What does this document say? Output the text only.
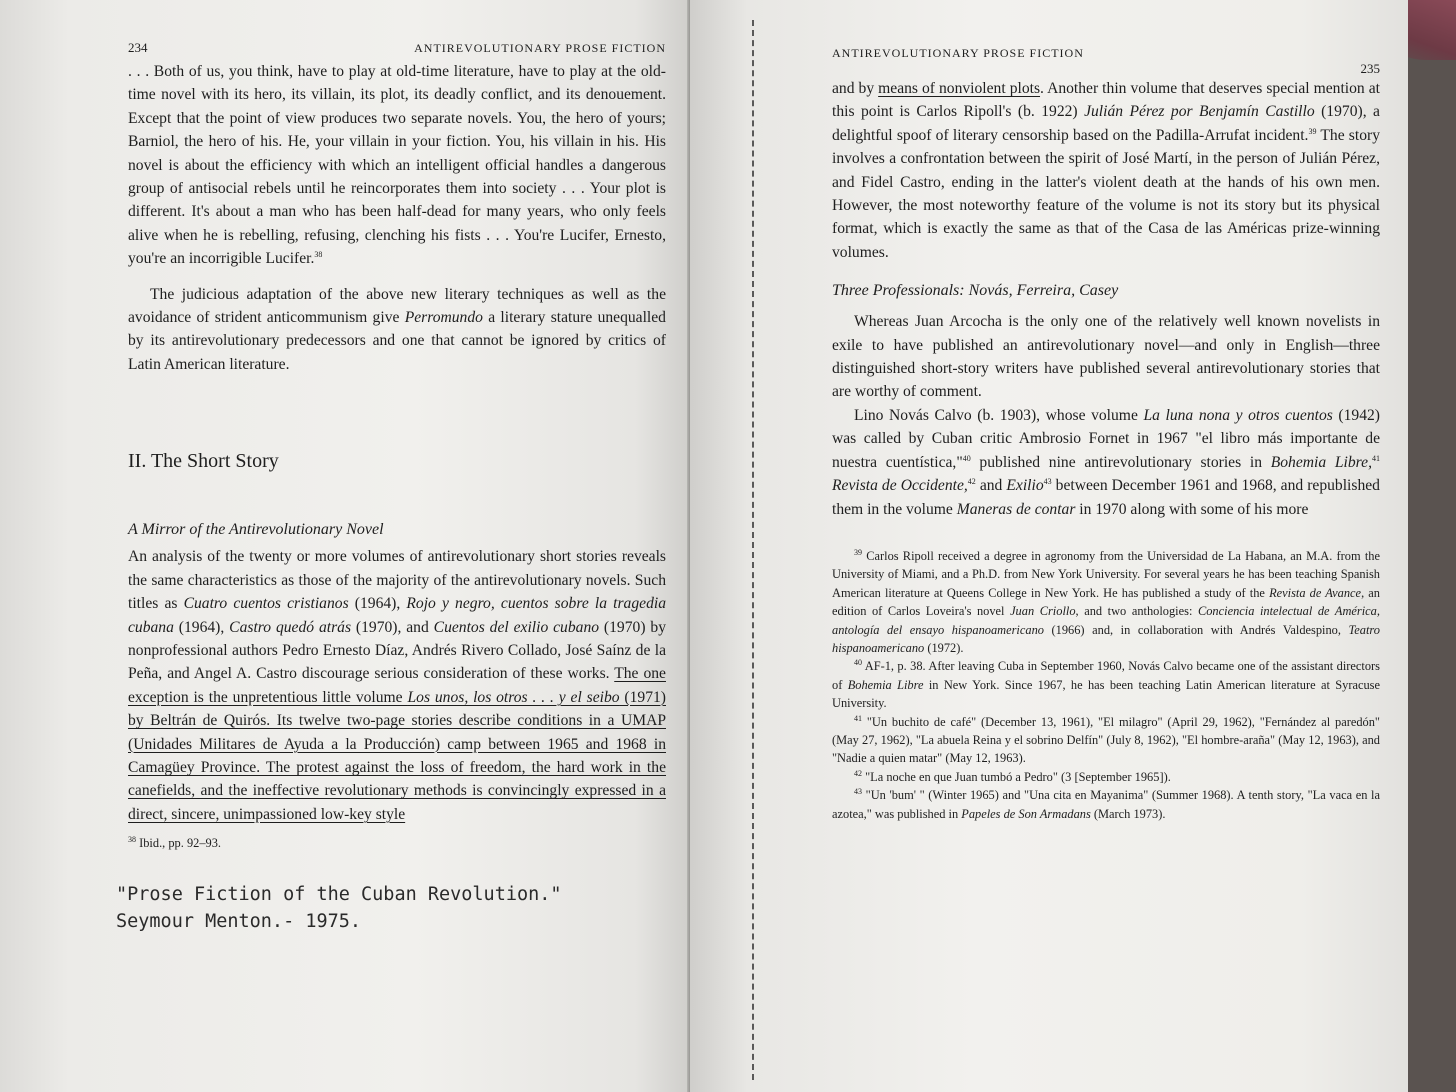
234	ANTIREVOLUTIONARY PROSE FICTION

. . . Both of us, you think, have to play at old-time literature, have to play at the old-time novel with its hero, its villain, its plot, its deadly conflict, and its denouement. Except that the point of view produces two separate novels. You, the hero of yours; Barniol, the hero of his. He, your villain in your fiction. You, his villain in his. His novel is about the efficiency with which an intelligent official handles a dangerous group of antisocial rebels until he reincorporates them into society . . . Your plot is different. It's about a man who has been half-dead for many years, who only feels alive when he is rebelling, refusing, clenching his fists . . . You're Lucifer, Ernesto, you're an incorrigible Lucifer.$^{38}$

The judicious adaptation of the above new literary techniques as well as the avoidance of strident anticommunism give Perromundo a literary stature unequalled by its antirevolutionary predecessors and one that cannot be ignored by critics of Latin American literature.

II. The Short Story
A Mirror of the Antirevolutionary Novel

An analysis of the twenty or more volumes of antirevolutionary short stories reveals the same characteristics as those of the majority of the antirevolutionary novels. Such titles as Cuatro cuentos cristianos (1964), Rojo y negro, cuentos sobre la tragedia cubana (1964), Castro quedó atrás (1970), and Cuentos del exilio cubano (1970) by nonprofessional authors Pedro Ernesto Díaz, Andrés Rivero Collado, José Saínz de la Peña, and Angel A. Castro discourage serious consideration of these works. The one exception is the unpretentious little volume Los unos, los otros . . . y el seibo (1971) by Beltrán de Quirós. Its twelve two-page stories describe conditions in a UMAP (Unidades Militares de Ayuda a la Producción) camp between 1965 and 1968 in Camagüey Province. The protest against the loss of freedom, the hard work in the canefields, and the ineffective revolutionary methods is convincingly expressed in a direct, sincere, unimpassioned low-key style

$^{38}$ Ibid., pp. 92–93.

"Prose Fiction of the Cuban Revolution."
Seymour Menton.- 1975.
ANTIREVOLUTIONARY PROSE FICTION
235

and by means of nonviolent plots. Another thin volume that deserves special mention at this point is Carlos Ripoll's (b. 1922) Julián Pérez por Benjamín Castillo (1970), a delightful spoof of literary censorship based on the Padilla-Arrufat incident.$^{39}$ The story involves a confrontation between the spirit of José Martí, in the person of Julián Pérez, and Fidel Castro, ending in the latter's violent death at the hands of his own men. However, the most noteworthy feature of the volume is not its story but its physical format, which is exactly the same as that of the Casa de las Américas prize-winning volumes.

Three Professionals: Novás, Ferreira, Casey

Whereas Juan Arcocha is the only one of the relatively well known novelists in exile to have published an antirevolutionary novel—and only in English—three distinguished short-story writers have published several antirevolutionary stories that are worthy of comment.

Lino Novás Calvo (b. 1903), whose volume La luna nona y otros cuentos (1942) was called by Cuban critic Ambrosio Fornet in 1967 "el libro más importante de nuestra cuentística,"$^{40}$ published nine antirevolutionary stories in Bohemia Libre,$^{41}$ Revista de Occidente,$^{42}$ and Exilio$^{43}$ between December 1961 and 1968, and republished them in the volume Maneras de contar in 1970 along with some of his more

$^{39}$ Carlos Ripoll received a degree in agronomy from the Universidad de La Habana, an M.A. from the University of Miami, and a Ph.D. from New York University. For several years he has been teaching Spanish American literature at Queens College in New York. He has published a study of the Revista de Avance, an edition of Carlos Loveira's novel Juan Criollo, and two anthologies: Conciencia intelectual de América, antología del ensayo hispanoamericano (1966) and, in collaboration with Andrés Valdespino, Teatro hispanoamericano (1972).

$^{40}$ AF-1, p. 38. After leaving Cuba in September 1960, Novás Calvo became one of the assistant directors of Bohemia Libre in New York. Since 1967, he has been teaching Latin American literature at Syracuse University.

$^{41}$ "Un buchito de café" (December 13, 1961), "El milagro" (April 29, 1962), "Fernández al paredón" (May 27, 1962), "La abuela Reina y el sobrino Delfín" (July 8, 1962), "El hombre-araña" (May 12, 1963), and "Nadie a quien matar" (May 12, 1963).

$^{42}$ "La noche en que Juan tumbó a Pedro" (3 [September 1965]).

$^{43}$ "Un 'bum' " (Winter 1965) and "Una cita en Mayanima" (Summer 1968). A tenth story, "La vaca en la azotea," was published in Papeles de Son Armadans (March 1973).
